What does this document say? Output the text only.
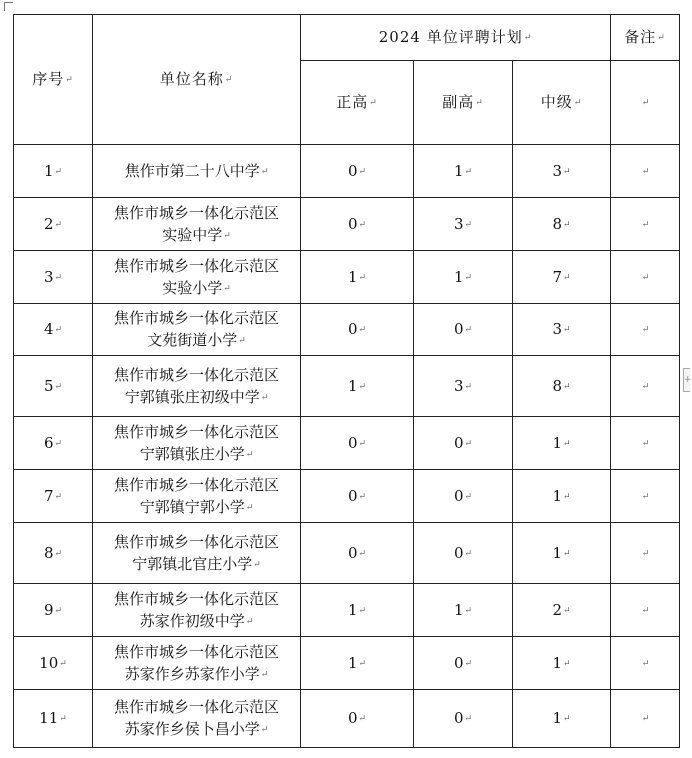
+
序号↵	单位名称↵	2024 单位评聘计划↵			备注↵
		正高↵	副高↵	中级↵	↵
1↵	焦作市第二十八中学↵	0↵	1↵	3↵	↵
2↵	焦作市城乡一体化示范区
实验中学↵	0↵	3↵	8↵	↵
3↵	焦作市城乡一体化示范区
实验小学↵	1↵	1↵	7↵	↵
4↵	焦作市城乡一体化示范区
文苑街道小学↵	0↵	0↵	3↵	↵
5↵	焦作市城乡一体化示范区
宁郭镇张庄初级中学↵	1↵	3↵	8↵	↵
6↵	焦作市城乡一体化示范区
宁郭镇张庄小学↵	0↵	0↵	1↵	↵
7↵	焦作市城乡一体化示范区
宁郭镇宁郭小学↵	0↵	0↵	1↵	↵
8↵	焦作市城乡一体化示范区
宁郭镇北官庄小学↵	0↵	0↵	1↵	↵
9↵	焦作市城乡一体化示范区
苏家作初级中学↵	1↵	1↵	2↵	↵
10↵	焦作市城乡一体化示范区
苏家作乡苏家作小学↵	1↵	0↵	1↵	↵
11↵	焦作市城乡一体化示范区
苏家作乡侯卜昌小学↵	0↵	0↵	1↵	↵
